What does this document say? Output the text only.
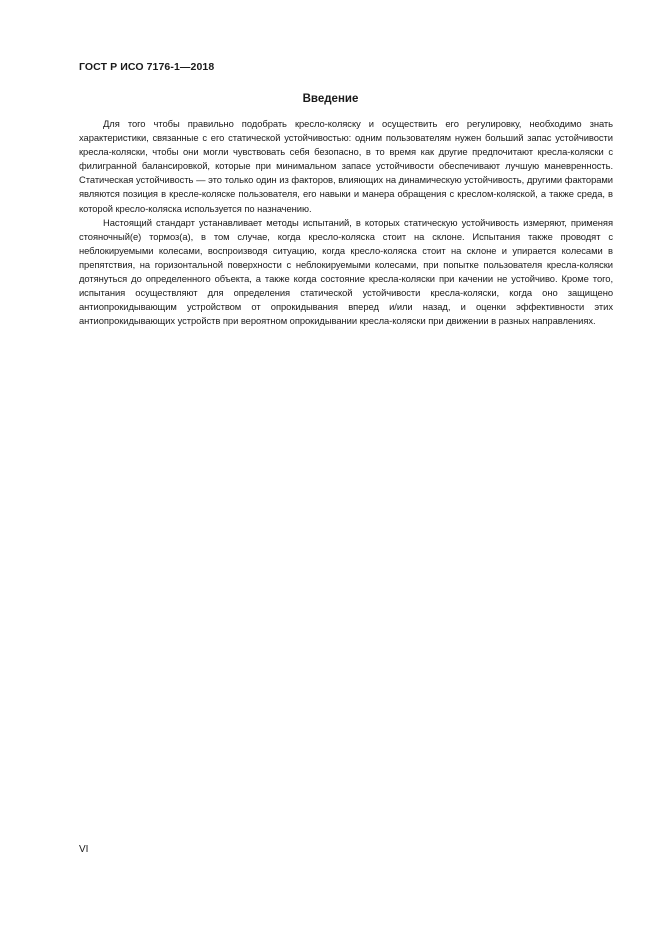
ГОСТ Р ИСО 7176-1—2018
Введение

Для того чтобы правильно подобрать кресло-коляску и осуществить его регулировку, необходимо знать характеристики, связанные с его статической устойчивостью: одним пользователям нужен больший запас устойчивости кресла-коляски, чтобы они могли чувствовать себя безопасно, в то время как другие предпочитают кресла-коляски с филигранной балансировкой, которые при минимальном запасе устойчивости обеспечивают лучшую маневренность. Статическая устойчивость — это только один из факторов, влияющих на динамическую устойчивость, другими факторами являются позиция в кресле-коляске пользователя, его навыки и манера обращения с креслом-коляской, а также среда, в которой кресло-коляска используется по назначению.

Настоящий стандарт устанавливает методы испытаний, в которых статическую устойчивость измеряют, применяя стояночный(е) тормоз(а), в том случае, когда кресло-коляска стоит на склоне. Испытания также проводят с неблокируемыми колесами, воспроизводя ситуацию, когда кресло-коляска стоит на склоне и упирается колесами в препятствия, на горизонтальной поверхности с неблокируемыми колесами, при попытке пользователя кресла-коляски дотянуться до определенного объекта, а также когда состояние кресла-коляски при качении не устойчиво. Кроме того, испытания осуществляют для определения статической устойчивости кресла-коляски, когда оно защищено антиопрокидывающим устройством от опрокидывания вперед и/или назад, и оценки эффективности этих антиопрокидывающих устройств при вероятном опрокидывании кресла-коляски при движении в разных направлениях.

VI
